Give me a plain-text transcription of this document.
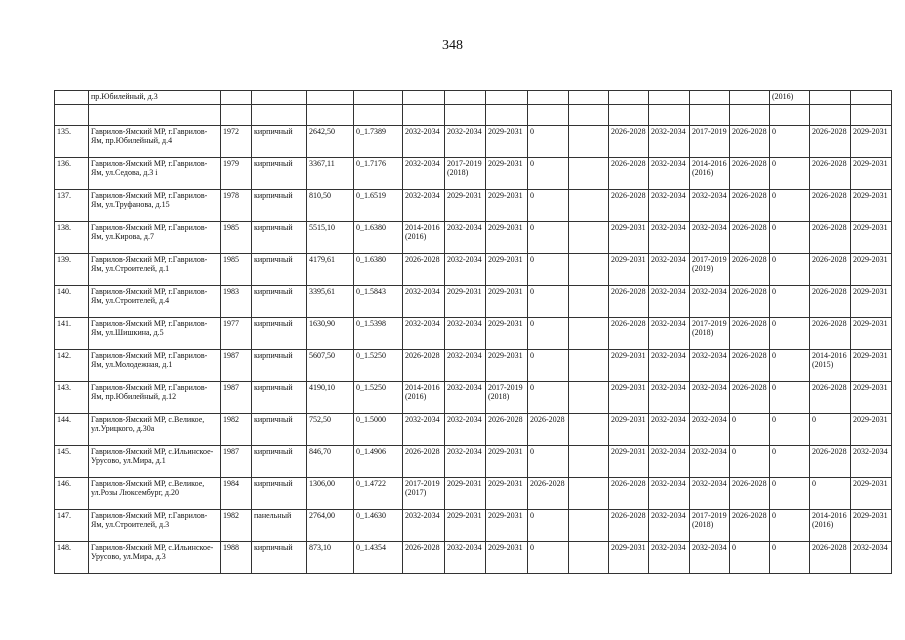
348
	пр.Юбилейный, д.3														(2016)		

135.	Гаврилов-Ямский МР, г.Гаврилов-Ям, пр.Юбилейный, д.4	1972	кирпичный	2642,50	0_1.7389	2032-2034	2032-2034	2029-2031	0		2026-2028	2032-2034	2017-2019	2026-2028	0	2026-2028	2029-2031
136.	Гаврилов-Ямский МР, г.Гаврилов-Ям, ул.Седова, д.3 i	1979	кирпичный	3367,11	0_1.7176	2032-2034	2017-2019 (2018)	2029-2031	0		2026-2028	2032-2034	2014-2016 (2016)	2026-2028	0	2026-2028	2029-2031
137.	Гаврилов-Ямский МР, г.Гаврилов-Ям, ул.Труфанова, д.15	1978	кирпичный	810,50	0_1.6519	2032-2034	2029-2031	2029-2031	0		2026-2028	2032-2034	2032-2034	2026-2028	0	2026-2028	2029-2031
138.	Гаврилов-Ямский МР, г.Гаврилов-Ям, ул.Кирова, д.7	1985	кирпичный	5515,10	0_1.6380	2014-2016 (2016)	2032-2034	2029-2031	0		2029-2031	2032-2034	2032-2034	2026-2028	0	2026-2028	2029-2031
139.	Гаврилов-Ямский МР, г.Гаврилов-Ям, ул.Строителей, д.1	1985	кирпичный	4179,61	0_1.6380	2026-2028	2032-2034	2029-2031	0		2029-2031	2032-2034	2017-2019 (2019)	2026-2028	0	2026-2028	2029-2031
140.	Гаврилов-Ямский МР, г.Гаврилов-Ям, ул.Строителей, д.4	1983	кирпичный	3395,61	0_1.5843	2032-2034	2029-2031	2029-2031	0		2026-2028	2032-2034	2032-2034	2026-2028	0	2026-2028	2029-2031
141.	Гаврилов-Ямский МР, г.Гаврилов-Ям, ул.Шишкина, д.5	1977	кирпичный	1630,90	0_1.5398	2032-2034	2032-2034	2029-2031	0		2026-2028	2032-2034	2017-2019 (2018)	2026-2028	0	2026-2028	2029-2031
142.	Гаврилов-Ямский МР, г.Гаврилов-Ям, ул.Молодежная, д.1	1987	кирпичный	5607,50	0_1.5250	2026-2028	2032-2034	2029-2031	0		2029-2031	2032-2034	2032-2034	2026-2028	0	2014-2016 (2015)	2029-2031
143.	Гаврилов-Ямский МР, г.Гаврилов-Ям, пр.Юбилейный, д.12	1987	кирпичный	4190,10	0_1.5250	2014-2016 (2016)	2032-2034	2017-2019 (2018)	0		2029-2031	2032-2034	2032-2034	2026-2028	0	2026-2028	2029-2031
144.	Гаврилов-Ямский МР, с.Великое, ул.Урицкого, д.30а	1982	кирпичный	752,50	0_1.5000	2032-2034	2032-2034	2026-2028	2026-2028		2029-2031	2032-2034	2032-2034	0	0	0	2029-2031
145.	Гаврилов-Ямский МР, с.Ильинское-Урусово, ул.Мира, д.1	1987	кирпичный	846,70	0_1.4906	2026-2028	2032-2034	2029-2031	0		2029-2031	2032-2034	2032-2034	0	0	2026-2028	2032-2034
146.	Гаврилов-Ямский МР, с.Великое, ул.Розы Люксембург, д.20	1984	кирпичный	1306,00	0_1.4722	2017-2019 (2017)	2029-2031	2029-2031	2026-2028		2026-2028	2032-2034	2032-2034	2026-2028	0	0	2029-2031
147.	Гаврилов-Ямский МР, г.Гаврилов-Ям, ул.Строителей, д.3	1982	панельный	2764,00	0_1.4630	2032-2034	2029-2031	2029-2031	0		2026-2028	2032-2034	2017-2019 (2018)	2026-2028	0	2014-2016 (2016)	2029-2031
148.	Гаврилов-Ямский МР, с.Ильинское-Урусово, ул.Мира, д.3	1988	кирпичный	873,10	0_1.4354	2026-2028	2032-2034	2029-2031	0		2029-2031	2032-2034	2032-2034	0	0	2026-2028	2032-2034
